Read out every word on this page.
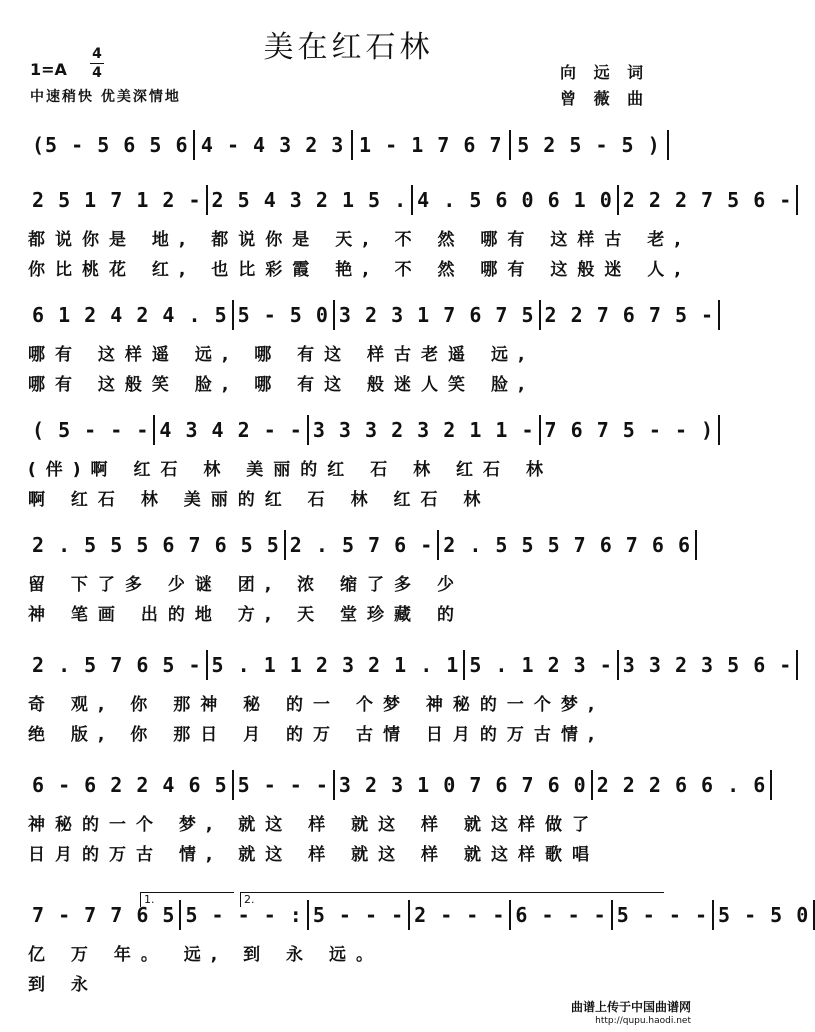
美在红石林
1=A
4
4
中速稍快 优美深情地
向 远 词
曾 薇 曲
(5 - 5 6 5 6 4 - 4 3 2 3 1 - 1 7 6 7 5 2 5 - 5 )
2 5 1 7 1 2 - 2 5 4 3 2 1 5 . 4 . 5 6 0 6 1 0 2 2 2 7 5 6 -
都说你是 地, 都说你是 天, 不 然 哪有 这样古 老,
你比桃花 红, 也比彩霞 艳, 不 然 哪有 这般迷 人,
6 1 2 4 2 4 . 5 5 - 5 0 3 2 3 1 7 6 7 5 2 2 7 6 7 5 -
哪有 这样遥 远, 哪 有这 样古老遥 远,
哪有 这般笑 脸, 哪 有这 般迷人笑 脸,
( 5 - - - 4 3 4 2 - - 3 3 3 2 3 2 1 1 - 7 6 7 5 - - )
(伴)啊 红石 林 美丽的红 石 林 红石 林
啊 红石 林 美丽的红 石 林 红石 林
2 . 5 5 5 6 7 6 5 5 2 . 5 7 6 - 2 . 5 5 5 7 6 7 6 6
留 下了多 少谜 团, 浓 缩了多 少
神 笔画 出的地 方, 天 堂珍藏 的
2 . 5 7 6 5 - 5 . 1 1 2 3 2 1 . 1 5 . 1 2 3 - 3 3 2 3 5 6 -
奇 观, 你 那神 秘 的一 个梦 神秘的一个梦,
绝 版, 你 那日 月 的万 古情 日月的万古情,
6 - 6 2 2 4 6 5 5 - - - 3 2 3 1 0 7 6 7 6 0 2 2 2 6 6 . 6
神秘的一个 梦, 就这 样 就这 样 就这样做了
日月的万古 情, 就这 样 就这 样 就这样歌唱
7 - 7 7 6 5 5 - - - : 5 - - - 2 - - - 6 - - - 5 - - - 5 - 5 0
亿 万 年。 远, 到 永 远。
到 永
1.	2.
曲谱上传于中国曲谱网
http://qupu.haodi.net
